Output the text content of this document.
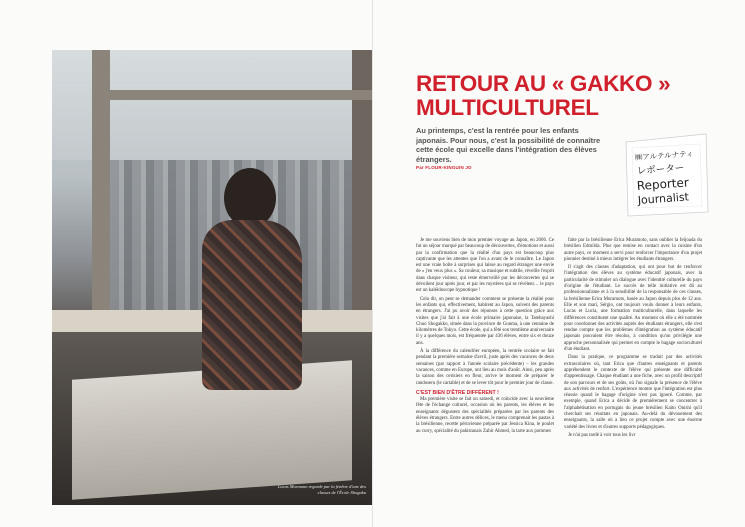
Lucas Murmann regarde par la fenêtre d'une des classes de l'École Shogaku
RETOUR AU « GAKKO »
MULTICULTUREL

Au printemps, c'est la rentrée pour les enfants japonais. Pour nous, c'est la possibilité de connaître cette école qui excelle dans l'intégration des élèves étrangers.

Par FLOUR-KINGUIN JO
㈱アルテルナティ
レポーター
Reporter
Journalist

Je me souviens bien de mon premier voyage au Japon, en 2006. Ce fut un séjour marqué par beaucoup de découvertes, d'émotions et aussi par la confirmation que la réalité d'un pays est beaucoup plus captivante que les attentes que l'on a avant de le connaître. Le Japon est une vraie boîte à surprises qui laisse au regard étranger une envie de « j'en veux plus ». Sa couleur, sa musique et subtile, réveille l'esprit dans chaque visiteur, qui reste émerveillé par les découvertes qui se dévoilent jour après jour, et par les mystères qui se révèlent… le pays est un kaléidoscope hypnotique !

Cela dit, on peut se demander comment se présente la réalité pour les enfants qui, effectivement, habitent au Japon, suivent des parents en étrangers. J'ai pu avoir des réponses à cette question grâce aux visites que j'ai fait à une école primaire japonaise, la Tatebayashi Chuo Shogakko, située dans la province de Gunma, à une centaine de kilomètres de Tokyo. Cette école, qui a fêté son trentième anniversaire il y a quelques mois, est fréquentée par 436 élèves, entre six et douze ans.

À la différence du calendrier européen, la rentrée scolaire se fait pendant la première semaine d'avril, juste après des vacances de deux semaines (par rapport à l'année scolaire précédente) – les grandes vacances, comme en Europe, ont lieu au mois d'août. Ainsi, peu après la saison des cerisiers en fleur, arrive le moment de préparer le randoseru (le cartable) et de se lever tôt pour le premier jour de classe.

C'EST BIEN D'ÊTRE DIFFÉRENT !

Ma première visite se fait un samedi, et coïncide avec la neuvième fête de l'échange culturel, occasion où les parents, les élèves et les enseignants dégustent des spécialités préparées par les parents des élèves étrangers. Entre autres délices, le menu comprenait les pastas à la brésilienne, recette péruvienne préparée par Jessica Kina, le poulet au curry, spécialité du pakistanais Zahir Ahmed, la tarte aux pommes

faite par la brésilienne Erica Muramoto, sans oublier la feijoada du brésilien Edmilda. Plus que remise en contact avec la cuisine d'un autre pays, ce moment a servi pour renforcer l'importance d'un projet pionnier destiné à mieux intégrer les étudiants étrangers.

Il s'agit des classes d'adaptation, qui ont pour but de renforcer l'intégration des élèves au système éducatif japonais, avec la particularité de stimuler un dialogue avec l'identité culturelle du pays d'origine de l'étudiant. Le succès de telle initiative est dû au professionnalisme et à la sensibilité de la responsable de ces classes, la brésilienne Erica Muramoto, basée au Japon depuis plus de 12 ans. Elle et son mari, Sérgio, ont toujours voulu donner à leurs enfants, Lucas et Lucia, une formation multiculturelle, dans laquelle les différences constituent une qualité. Au moment où elle a été nommée pour coordonner des activités auprès des étudiants étrangers, elle s'est rendue compte que les problèmes d'intégration au système éducatif japonais pouvaient être résolus, à condition qu'on privilégie une approche personnalisée qui permet en compte le bagage socioculturel d'un étudiant.

Dans la pratique, ce programme se traduit par des activités extrascolaires où, tant Erica que d'autres enseignants et parents appréhendent le contexte de l'élève qui présente une difficulté d'apprentissage. Chaque étudiant a une fiche, avec un profil descriptif de son parcours et de ses goûts, où l'on signale la présence de l'élève aux activités de renfort. L'expérience montre que l'intégration est plus réussie quand le bagage d'origine n'est pas ignoré. Comme, par exemple, quand Erica a décidé de premièrement se concentrer à l'alphabétisation en portugais du jeune brésilien Kaito Onishi qu'il cherchait ses résultats en japonais. Au-delà du dévouement des enseignants, la salle où a lieu ce projet compte avec une énorme variété des livres et d'autres supports pédagogiques.

Je n'ai pas tardé à voir tous les livr
